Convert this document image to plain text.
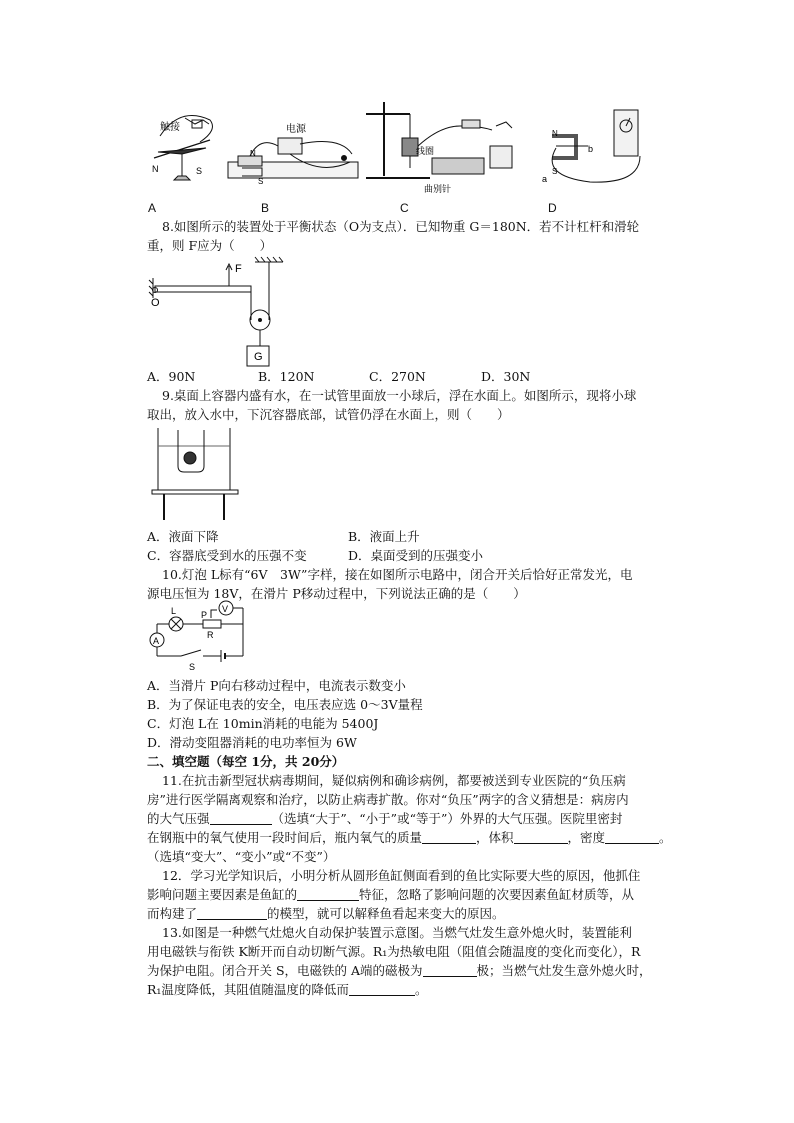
触接
N	S
电源
N
S
线圈
曲别针
N
S
b
a
A	B	C	D
8.如图所示的装置处于平衡状态（O为支点）．已知物重 G＝180N．若不计杠杆和滑轮
重，则 F应为（　　）
F
O
G
A．90N	B．120N	C．270N	D．30N
9.桌面上容器内盛有水，在一试管里面放一小球后，浮在水面上。如图所示，现将小球
取出，放入水中，下沉容器底部，试管仍浮在水面上，则（　　）
A．液面下降	B．液面上升
C．容器底受到水的压强不变	D．桌面受到的压强变小
10.灯泡 L标有“6V　3W”字样，接在如图所示电路中，闭合开关后恰好正常发光，电
源电压恒为 18V，在滑片 P移动过程中，下列说法正确的是（　　）
A
L	P
R
V
S
A．当滑片 P向右移动过程中，电流表示数变小
B．为了保证电表的安全，电压表应选 0～3V量程
C．灯泡 L在 10min消耗的电能为 5400J
D．滑动变阻器消耗的电功率恒为 6W
二、填空题（每空 1分，共 20分）
11.在抗击新型冠状病毒期间，疑似病例和确诊病例，都要被送到专业医院的“负压病
房”进行医学隔离观察和治疗，以防止病毒扩散。你对“负压”两字的含义猜想是：病房内
的大气压强	（选填“大于”、“小于”或“等于”）外界的大气压强。医院里密封
在钢瓶中的氧气使用一段时间后，瓶内氧气的质量	，体积	，密度	。
（选填“变大”、“变小”或“不变”）
12．学习光学知识后，小明分析从圆形鱼缸侧面看到的鱼比实际要大些的原因，他抓住
影响问题主要因素是鱼缸的	特征，忽略了影响问题的次要因素鱼缸材质等，从
而构建了	的模型，就可以解释鱼看起来变大的原因。
13.如图是一种燃气灶熄火自动保护装置示意图。当燃气灶发生意外熄火时，装置能利
用电磁铁与衔铁 K断开而自动切断气源。R₁为热敏电阻（阻值会随温度的变化而变化），R
为保护电阻。闭合开关 S，电磁铁的 A端的磁极为	极；当燃气灶发生意外熄火时，
R₁温度降低，其阻值随温度的降低而	。
